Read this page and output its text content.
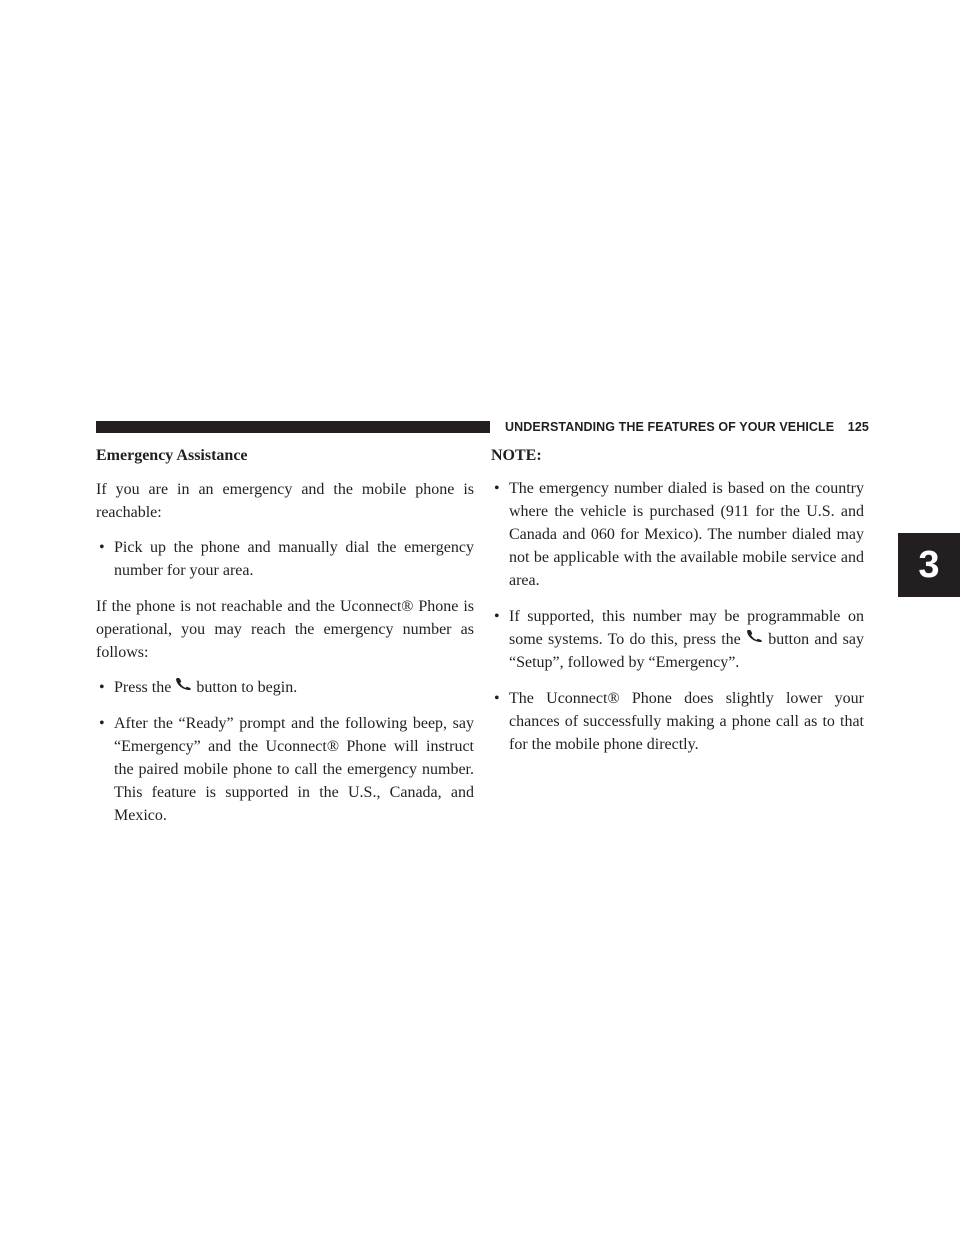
UNDERSTANDING THE FEATURES OF YOUR VEHICLE 125
3

Emergency Assistance

If you are in an emergency and the mobile phone is reachable:

• Pick up the phone and manually dial the emergency number for your area.

If the phone is not reachable and the Uconnect® Phone is operational, you may reach the emergency number as follows:

• Press the button to begin.
• After the “Ready” prompt and the following beep, say “Emergency” and the Uconnect® Phone will instruct the paired mobile phone to call the emergency number. This feature is supported in the U.S., Canada, and Mexico.

NOTE:

• The emergency number dialed is based on the country where the vehicle is purchased (911 for the U.S. and Canada and 060 for Mexico). The number dialed may not be applicable with the available mobile service and area.
• If supported, this number may be programmable on some systems. To do this, press the button and say “Setup”, followed by “Emergency”.
• The Uconnect® Phone does slightly lower your chances of successfully making a phone call as to that for the mobile phone directly.
